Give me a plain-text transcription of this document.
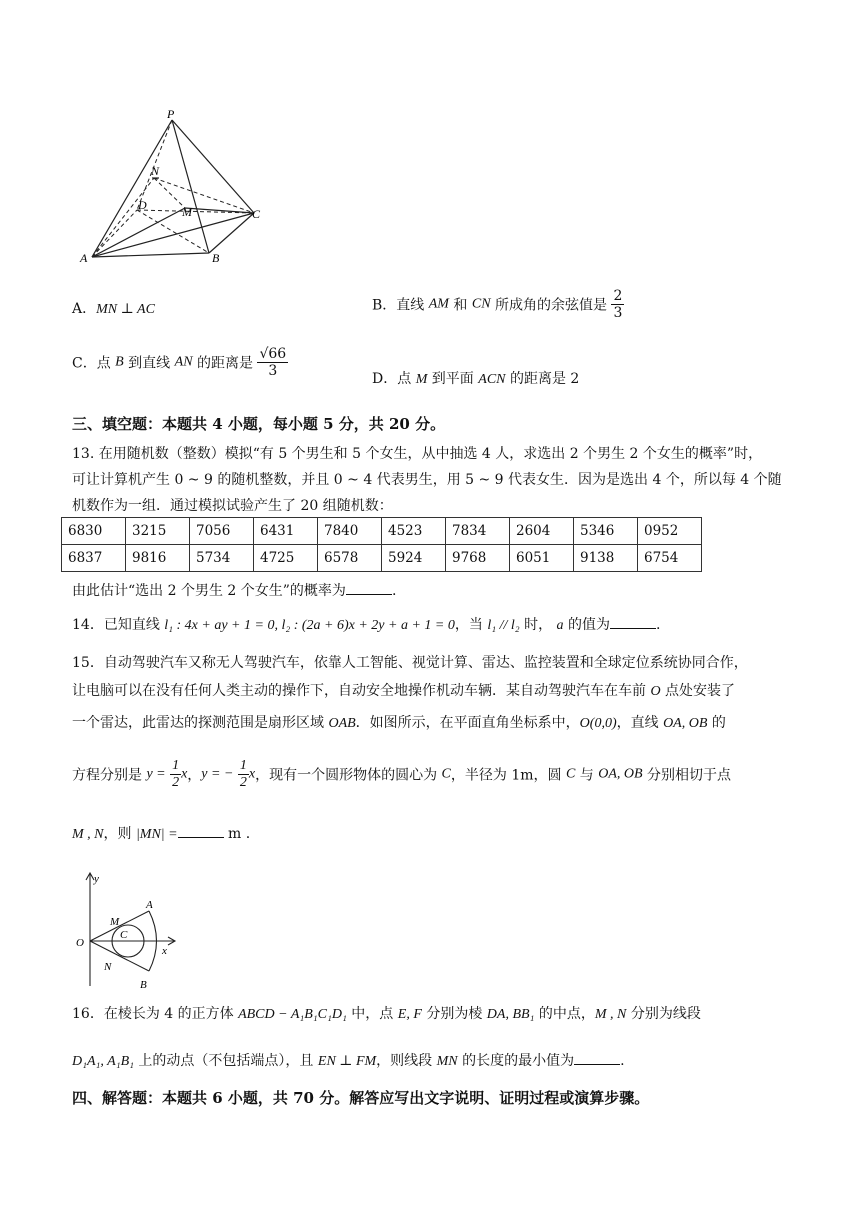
P
N
D	M	C
A	B
A．MN ⊥ AC	B．直线 AM 和 CN 所成角的余弦值是 $\frac{2}{3}$
C．点 B 到直线 AN 的距离是 $\frac{√66}{3}$	D．点 M 到平面 ACN 的距离是 2
三、填空题：本题共 4 小题，每小题 5 分，共 20 分。
13. 在用随机数（整数）模拟“有 5 个男生和 5 个女生，从中抽选 4 人，求选出 2 个男生 2 个女生的概率”时，
可让计算机产生 0 ~ 9 的随机整数，并且 0 ~ 4 代表男生，用 5 ~ 9 代表女生．因为是选出 4 个，所以每 4 个随
机数作为一组．通过模拟试验产生了 20 组随机数：
6830	3215	7056	6431	7840	4523	7834	2604	5346	0952
6837	9816	5734	4725	6578	5924	9768	6051	9138	6754
由此估计“选出 2 个男生 2 个女生”的概率为	.
14．已知直线 l₁ : 4x + ay + 1 = 0, l₂ : (2a + 6)x + 2y + a + 1 = 0，当 l₁ // l₂ 时， a 的值为	.
15．自动驾驶汽车又称无人驾驶汽车，依靠人工智能、视觉计算、雷达、监控装置和全球定位系统协同合作，
让电脑可以在没有任何人类主动的操作下，自动安全地操作机动车辆．某自动驾驶汽车在车前 O 点处安装了
一个雷达，此雷达的探测范围是扇形区域 OAB．如图所示，在平面直角坐标系中，O(0,0)，直线 OA, OB 的
方程分别是 $y = \frac{1}{2}$ x，y = − $\frac{1}{2}$ x，现有一个圆形物体的圆心为 C，半径为 1m，圆 C 与 OA, OB 分别相切于点
M , N，则 |MN| =	m .
y
A
M
C
O
x
N
B
16．在棱长为 4 的正方体 ABCD − A₁B₁C₁D₁ 中，点 E, F 分别为棱 DA, BB₁ 的中点，M , N 分别为线段
D₁A₁, A₁B₁ 上的动点（不包括端点），且 EN ⊥ FM，则线段 MN 的长度的最小值为	.
四、解答题：本题共 6 小题，共 70 分。解答应写出文字说明、证明过程或演算步骤。
